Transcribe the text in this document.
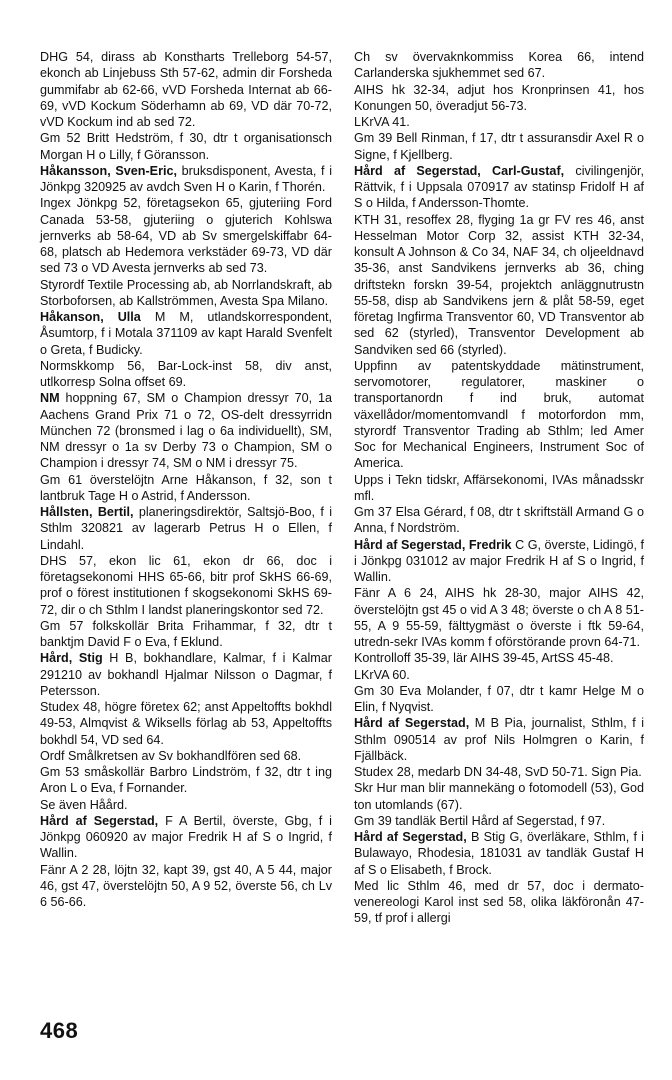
DHG 54, dirass ab Konstharts Trelleborg 54-57, ekonch ab Linjebuss Sth 57-62, admin dir Forsheda gummifabr ab 62-66, vVD Forsheda Internat ab 66-69, vVD Kockum Söderhamn ab 69, VD där 70-72, vVD Kockum ind ab sed 72.

Gm 52 Britt Hedström, f 30, dtr t organisationsch Morgan H o Lilly, f Göransson.

Håkansson, Sven-Eric, bruksdisponent, Avesta, f i Jönkpg 320925 av avdch Sven H o Karin, f Thorén.

Ingex Jönkpg 52, företagsekon 65, gjuteriing Ford Canada 53-58, gjuteriing o gjuterich Kohlswa jernverks ab 58-64, VD ab Sv smergelskiffabr 64-68, platsch ab Hedemora verkstäder 69-73, VD där sed 73 o VD Avesta jernverks ab sed 73.

Styrordf Textile Processing ab, ab Norrlandskraft, ab Storboforsen, ab Kallströmmen, Avesta Spa Milano.

Håkanson, Ulla M M, utlandskorrespondent, Åsumtorp, f i Motala 371109 av kapt Harald Svenfelt o Greta, f Budicky.

Normskkomp 56, Bar-Lock-inst 58, div anst, utlkorresp Solna offset 69.

NM hoppning 67, SM o Champion dressyr 70, 1a Aachens Grand Prix 71 o 72, OS-delt dressyrridn München 72 (bronsmed i lag o 6a individuellt), SM, NM dressyr o 1a sv Derby 73 o Champion, SM o Champion i dressyr 74, SM o NM i dressyr 75.

Gm 61 överstelöjtn Arne Håkanson, f 32, son t lantbruk Tage H o Astrid, f Andersson.

Hållsten, Bertil, planeringsdirektör, Saltsjö-Boo, f i Sthlm 320821 av lagerarb Petrus H o Ellen, f Lindahl.

DHS 57, ekon lic 61, ekon dr 66, doc i företagsekonomi HHS 65-66, bitr prof SkHS 66-69, prof o förest institutionen f skogsekonomi SkHS 69-72, dir o ch Sthlm I landst planeringskontor sed 72.

Gm 57 folkskollär Brita Frihammar, f 32, dtr t banktjm David F o Eva, f Eklund.

Hård, Stig H B, bokhandlare, Kalmar, f i Kalmar 291210 av bokhandl Hjalmar Nilsson o Dagmar, f Petersson.

Studex 48, högre företex 62; anst Appeltoffts bokhdl 49-53, Almqvist & Wiksells förlag ab 53, Appeltoffts bokhdl 54, VD sed 64.

Ordf Smålkretsen av Sv bokhandlfören sed 68.

Gm 53 småskollär Barbro Lindström, f 32, dtr t ing Aron L o Eva, f Fornander.

Se även Håård.

Hård af Segerstad, F A Bertil, överste, Gbg, f i Jönkpg 060920 av major Fredrik H af S o Ingrid, f Wallin.

Fänr A 2 28, löjtn 32, kapt 39, gst 40, A 5 44, major 46, gst 47, överstelöjtn 50, A 9 52, överste 56, ch Lv 6 56-66.

Ch sv övervaknkommiss Korea 66, intend Carlanderska sjukhemmet sed 67.

AIHS hk 32-34, adjut hos Kronprinsen 41, hos Konungen 50, överadjut 56-73.

LKrVA 41.

Gm 39 Bell Rinman, f 17, dtr t assuransdir Axel R o Signe, f Kjellberg.

Hård af Segerstad, Carl-Gustaf, civilingenjör, Rättvik, f i Uppsala 070917 av statinsp Fridolf H af S o Hilda, f Andersson-Thomte.

KTH 31, resoffex 28, flyging 1a gr FV res 46, anst Hesselman Motor Corp 32, assist KTH 32-34, konsult A Johnson & Co 34, NAF 34, ch oljeeldnavd 35-36, anst Sandvikens jernverks ab 36, ching driftstekn forskn 39-54, projektch anläggnutrustn 55-58, disp ab Sandvikens jern & plåt 58-59, eget företag Ingfirma Transventor 60, VD Transventor ab sed 62 (styrled), Transventor Development ab Sandviken sed 66 (styrled).

Uppfinn av patentskyddade mätinstrument, servomotorer, regulatorer, maskiner o transportanordn f ind bruk, automat växellådor/momentomvandl f motorfordon mm, styrordf Transventor Trading ab Sthlm; led Amer Soc for Mechanical Engineers, Instrument Soc of America.

Upps i Tekn tidskr, Affärsekonomi, IVAs månadsskr mfl.

Gm 37 Elsa Gérard, f 08, dtr t skriftställ Armand G o Anna, f Nordström.

Hård af Segerstad, Fredrik C G, överste, Lidingö, f i Jönkpg 031012 av major Fredrik H af S o Ingrid, f Wallin.

Fänr A 6 24, AIHS hk 28-30, major AIHS 42, överstelöjtn gst 45 o vid A 3 48; överste o ch A 8 51-55, A 9 55-59, fälttygmäst o överste i ftk 59-64, utredn-sekr IVAs komm f oförstörande provn 64-71.

Kontrolloff 35-39, lär AIHS 39-45, ArtSS 45-48.

LKrVA 60.

Gm 30 Eva Molander, f 07, dtr t kamr Helge M o Elin, f Nyqvist.

Hård af Segerstad, M B Pia, journalist, Sthlm, f i Sthlm 090514 av prof Nils Holmgren o Karin, f Fjällbäck.

Studex 28, medarb DN 34-48, SvD 50-71. Sign Pia.

Skr Hur man blir mannekäng o fotomodell (53), God ton utomlands (67).

Gm 39 tandläk Bertil Hård af Segerstad, f 97.

Hård af Segerstad, B Stig G, överläkare, Sthlm, f i Bulawayo, Rhodesia, 181031 av tandläk Gustaf H af S o Elisabeth, f Brock.

Med lic Sthlm 46, med dr 57, doc i dermato-venereologi Karol inst sed 58, olika läkföronån 47-59, tf prof i allergi

468
